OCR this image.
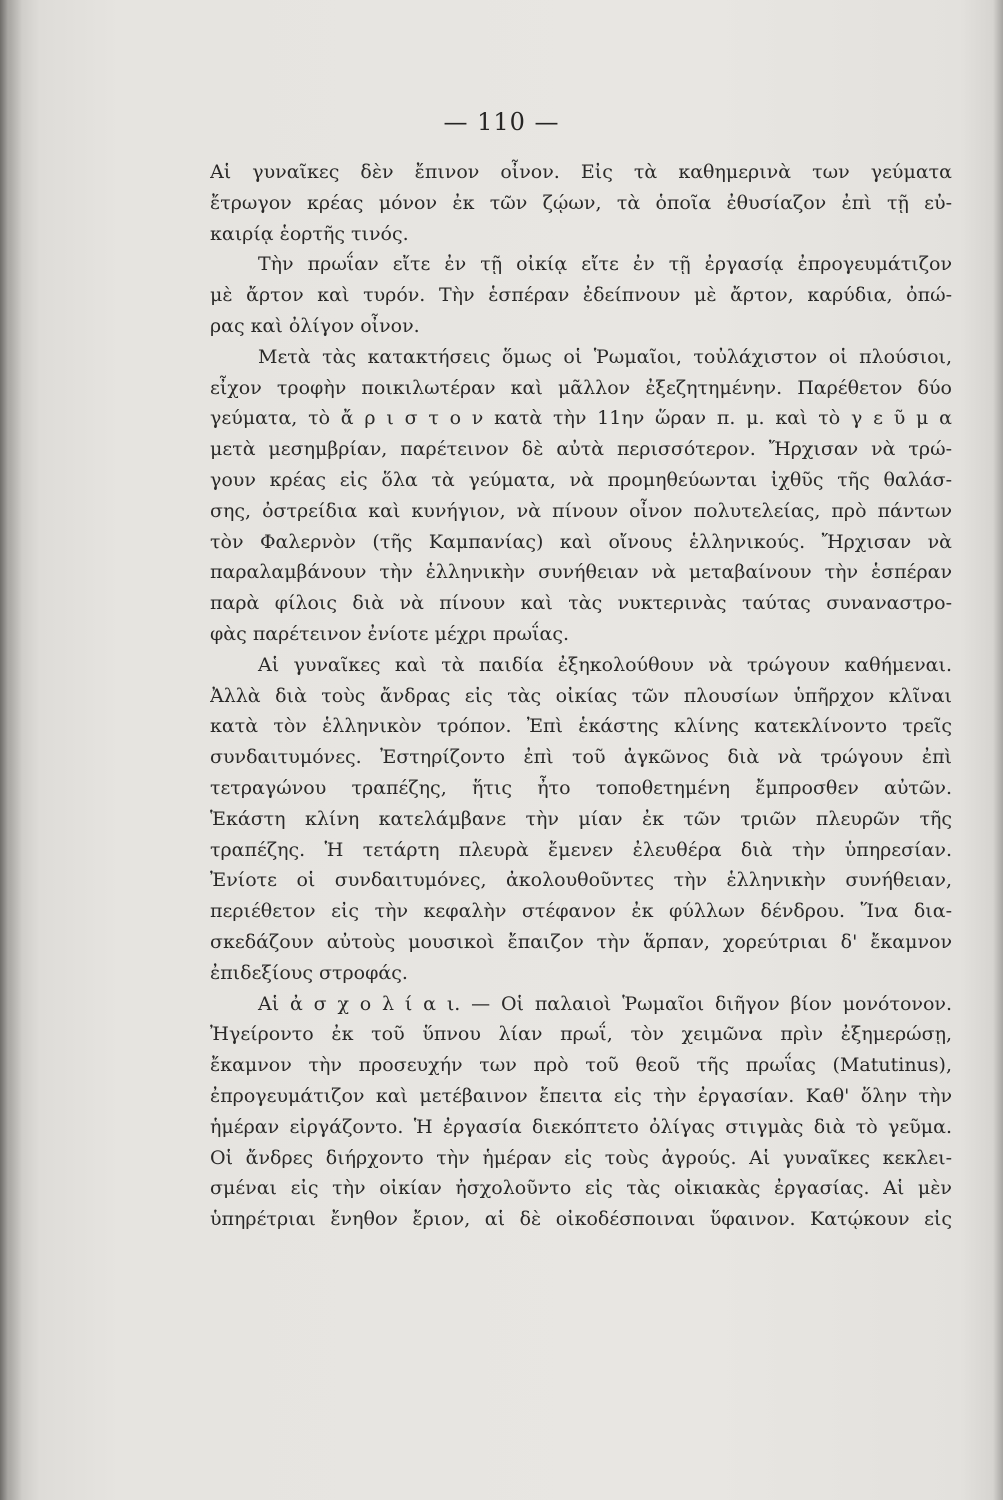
— 110 —
Αἱ γυναῖκες δὲν ἔπινον οἶνον. Εἰς τὰ καθημερινὰ των γεύματα
ἔτρωγον κρέας μόνον ἐκ τῶν ζῴων, τὰ ὁποῖα ἐθυσίαζον ἐπὶ τῇ εὐ-
καιρίᾳ ἑορτῆς τινός.
Τὴν πρωΐαν εἴτε ἐν τῇ οἰκίᾳ εἴτε ἐν τῇ ἐργασίᾳ ἐπρογευμάτιζον
μὲ ἄρτον καὶ τυρόν. Τὴν ἑσπέραν ἐδείπνουν μὲ ἄρτον, καρύδια, ὀπώ-
ρας καὶ ὀλίγον οἶνον.
Μετὰ τὰς κατακτήσεις ὅμως οἱ Ῥωμαῖοι, τοὐλάχιστον οἱ πλούσιοι,
εἶχον τροφὴν ποικιλωτέραν καὶ μᾶλλον ἐξεζητημένην. Παρέθετον δύο
γεύματα, τὸ ἄ ρ ι σ τ ο ν κατὰ τὴν 11ην ὥραν π. μ. καὶ τὸ γ ε ῦ μ α
μετὰ μεσημβρίαν, παρέτεινον δὲ αὐτὰ περισσότερον. Ἤρχισαν νὰ τρώ-
γουν κρέας εἰς ὅλα τὰ γεύματα, νὰ προμηθεύωνται ἰχθῦς τῆς θαλάσ-
σης, ὀστρείδια καὶ κυνήγιον, νὰ πίνουν οἶνον πολυτελείας, πρὸ πάντων
τὸν Φαλερνὸν (τῆς Καμπανίας) καὶ οἴνους ἑλληνικούς. Ἤρχισαν νὰ
παραλαμβάνουν τὴν ἑλληνικὴν συνήθειαν νὰ μεταβαίνουν τὴν ἑσπέραν
παρὰ φίλοις διὰ νὰ πίνουν καὶ τὰς νυκτερινὰς ταύτας συναναστρο-
φὰς παρέτεινον ἐνίοτε μέχρι πρωΐας.
Αἱ γυναῖκες καὶ τὰ παιδία ἐξηκολούθουν νὰ τρώγουν καθήμεναι.
Ἀλλὰ διὰ τοὺς ἄνδρας εἰς τὰς οἰκίας τῶν πλουσίων ὑπῆρχον κλῖναι
κατὰ τὸν ἑλληνικὸν τρόπον. Ἐπὶ ἑκάστης κλίνης κατεκλίνοντο τρεῖς
συνδαιτυμόνες. Ἐστηρίζοντο ἐπὶ τοῦ ἀγκῶνος διὰ νὰ τρώγουν ἐπὶ
τετραγώνου τραπέζης, ἥτις ἦτο τοποθετημένη ἔμπροσθεν αὐτῶν.
Ἑκάστη κλίνη κατελάμβανε τὴν μίαν ἐκ τῶν τριῶν πλευρῶν τῆς
τραπέζης. Ἡ τετάρτη πλευρὰ ἔμενεν ἐλευθέρα διὰ τὴν ὑπηρεσίαν.
Ἐνίοτε οἱ συνδαιτυμόνες, ἀκολουθοῦντες τὴν ἑλληνικὴν συνήθειαν,
περιέθετον εἰς τὴν κεφαλὴν στέφανον ἐκ φύλλων δένδρου. Ἵνα δια-
σκεδάζουν αὐτοὺς μουσικοὶ ἔπαιζον τὴν ἅρπαν, χορεύτριαι δ' ἔκαμνον
ἐπιδεξίους στροφάς.
Αἱ ἀ σ χ ο λ ί α ι. — Οἱ παλαιοὶ Ῥωμαῖοι διῆγον βίον μονότονον.
Ἠγείροντο ἐκ τοῦ ὕπνου λίαν πρωΐ, τὸν χειμῶνα πρὶν ἐξημερώσῃ,
ἔκαμνον τὴν προσευχήν των πρὸ τοῦ θεοῦ τῆς πρωΐας (Matutinus),
ἐπρογευμάτιζον καὶ μετέβαινον ἔπειτα εἰς τὴν ἐργασίαν. Καθ' ὅλην τὴν
ἡμέραν εἰργάζοντο. Ἡ ἐργασία διεκόπτετο ὀλίγας στιγμὰς διὰ τὸ γεῦμα.
Οἱ ἄνδρες διήρχοντο τὴν ἡμέραν εἰς τοὺς ἀγρούς. Αἱ γυναῖκες κεκλει-
σμέναι εἰς τὴν οἰκίαν ἠσχολοῦντο εἰς τὰς οἰκιακὰς ἐργασίας. Αἱ μὲν
ὑπηρέτριαι ἔνηθον ἔριον, αἱ δὲ οἰκοδέσποιναι ὕφαινον. Κατῴκουν εἰς
